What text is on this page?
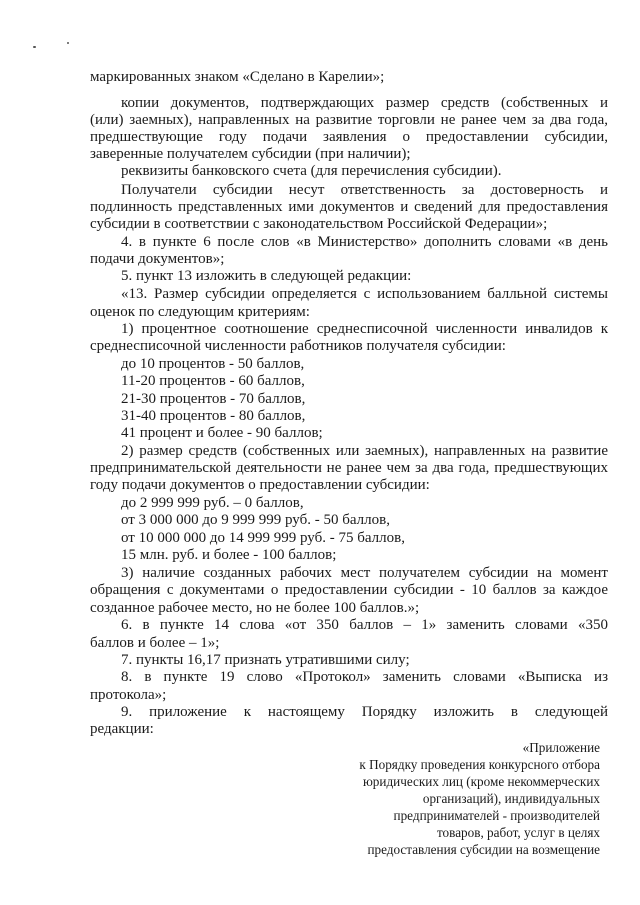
маркированных знаком «Сделано в Карелии»;
копии документов, подтверждающих размер средств (собственных и
(или) заемных), направленных на развитие торговли не ранее чем за два года,
предшествующие году подачи заявления о предоставлении субсидии,
заверенные получателем субсидии (при наличии);
реквизиты банковского счета (для перечисления субсидии).
Получатели субсидии несут ответственность за достоверность и
подлинность представленных ими документов и сведений для предоставления
субсидии в соответствии с законодательством Российской Федерации»;
4. в пункте 6 после слов «в Министерство» дополнить словами «в день
подачи документов»;
5. пункт 13 изложить в следующей редакции:
«13. Размер субсидии определяется с использованием балльной системы
оценок по следующим критериям:
1) процентное соотношение среднесписочной численности инвалидов к
среднесписочной численности работников получателя субсидии:
до 10 процентов - 50 баллов,
11-20 процентов - 60 баллов,
21-30 процентов - 70 баллов,
31-40 процентов - 80 баллов,
41 процент и более - 90 баллов;
2) размер средств (собственных или заемных), направленных на развитие
предпринимательской деятельности не ранее чем за два года, предшествующих
году подачи документов о предоставлении субсидии:
до 2 999 999 руб. – 0 баллов,
от 3 000 000 до 9 999 999 руб. - 50 баллов,
от 10 000 000 до 14 999 999 руб. - 75 баллов,
15 млн. руб. и более - 100 баллов;
3) наличие созданных рабочих мест получателем субсидии на момент
обращения с документами о предоставлении субсидии - 10 баллов за каждое
созданное рабочее место, но не более 100 баллов.»;
6. в пункте 14 слова «от 350 баллов – 1» заменить словами «350
баллов и более – 1»;
7. пункты 16,17 признать утратившими силу;
8. в пункте 19 слово «Протокол» заменить словами «Выписка из
протокола»;
9. приложение к настоящему Порядку изложить в следующей
редакции:
«Приложение
к Порядку проведения конкурсного отбора
юридических лиц (кроме некоммерческих
организаций), индивидуальных
предпринимателей - производителей
товаров, работ, услуг в целях
предоставления субсидии на возмещение
